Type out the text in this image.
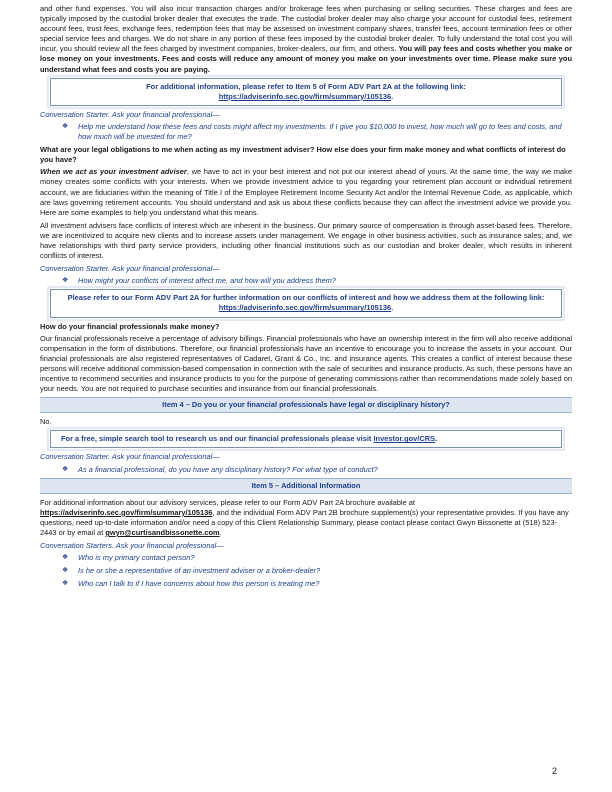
and other fund expenses. You will also incur transaction charges and/or brokerage fees when purchasing or selling securities. These charges and fees are typically imposed by the custodial broker dealer that executes the trade. The custodial broker dealer may also charge your account for custodial fees, retirement account fees, trust fees, exchange fees, redemption fees that may be assessed on investment company shares, transfer fees, account termination fees or other special service fees and charges. We do not share in any portion of these fees imposed by the custodial broker dealer. To fully understand the total cost you will incur, you should review all the fees charged by investment companies, broker-dealers, our firm, and others. You will pay fees and costs whether you make or lose money on your investments. Fees and costs will reduce any amount of money you make on your investments over time. Please make sure you understand what fees and costs you are paying.

For additional information, please refer to Item 5 of Form ADV Part 2A at the following link:
https://adviserinfo.sec.gov/firm/summary/105136.
Conversation Starter. Ask your financial professional—
❖ Help me understand how these fees and costs might affect my investments. If I give you $10,000 to invest, how much will go to fees and costs, and how much will be invested for me?
What are your legal obligations to me when acting as my investment adviser? How else does your firm make money and what conflicts of interest do you have?

When we act as your investment adviser, we have to act in your best interest and not put our interest ahead of yours. At the same time, the way we make money creates some conflicts with your interests. When we provide investment advice to you regarding your retirement plan account or individual retirement account, we are fiduciaries within the meaning of Title I of the Employee Retirement Income Security Act and/or the Internal Revenue Code, as applicable, which are laws governing retirement accounts. You should understand and ask us about these conflicts because they can affect the investment advice we provide you. Here are some examples to help you understand what this means.

All investment advisers face conflicts of interest which are inherent in the business. Our primary source of compensation is through asset-based fees. Therefore, we are incentivized to acquire new clients and to increase assets under management. We engage in other business activities, such as insurance sales; and, we have relationships with third party service providers, including other financial institutions such as our custodian and broker dealer, which results in inherent conflicts of interest.

Conversation Starter. Ask your financial professional—
❖ How might your conflicts of interest affect me, and how will you address them?
Please refer to our Form ADV Part 2A for further information on our conflicts of interest and how we address them at the following link: https://adviserinfo.sec.gov/firm/summary/105136.
How do your financial professionals make money?

Our financial professionals receive a percentage of advisory billings. Financial professionals who have an ownership interest in the firm will also receive additional compensation in the form of distributions. Therefore, our financial professionals have an incentive to encourage you to increase the assets in your account. Our financial professionals are also registered representatives of Cadaret, Grant & Co., Inc. and insurance agents. This creates a conflict of interest because these persons will receive additional commission-based compensation in connection with the sale of securities and insurance products. As such, these persons have an incentive to recommend securities and insurance products to you for the purpose of generating commissions rather than recommendations made solely based on your needs. You are not required to purchase securities and insurance from our financial professionals.

Item 4 – Do you or your financial professionals have legal or disciplinary history?

No.

For a free, simple search tool to research us and our financial professionals please visit Investor.gov/CRS.
Conversation Starter. Ask your financial professional—
❖ As a financial professional, do you have any disciplinary history? For what type of conduct?
Item 5 – Additional Information

For additional information about our advisory services, please refer to our Form ADV Part 2A brochure available at https://adviserinfo.sec.gov/firm/summary/105136, and the individual Form ADV Part 2B brochure supplement(s) your representative provides. If you have any questions, need up-to-date information and/or need a copy of this Client Relationship Summary, please contact please contact Gwyn Bissonette at (518) 523-2443 or by email at gwyn@curtisandbissonette.com.

Conversation Starters. Ask your financial professional—
❖ Who is my primary contact person?
❖ Is he or she a representative of an investment adviser or a broker-dealer?
❖ Who can I talk to if I have concerns about how this person is treating me?
2
